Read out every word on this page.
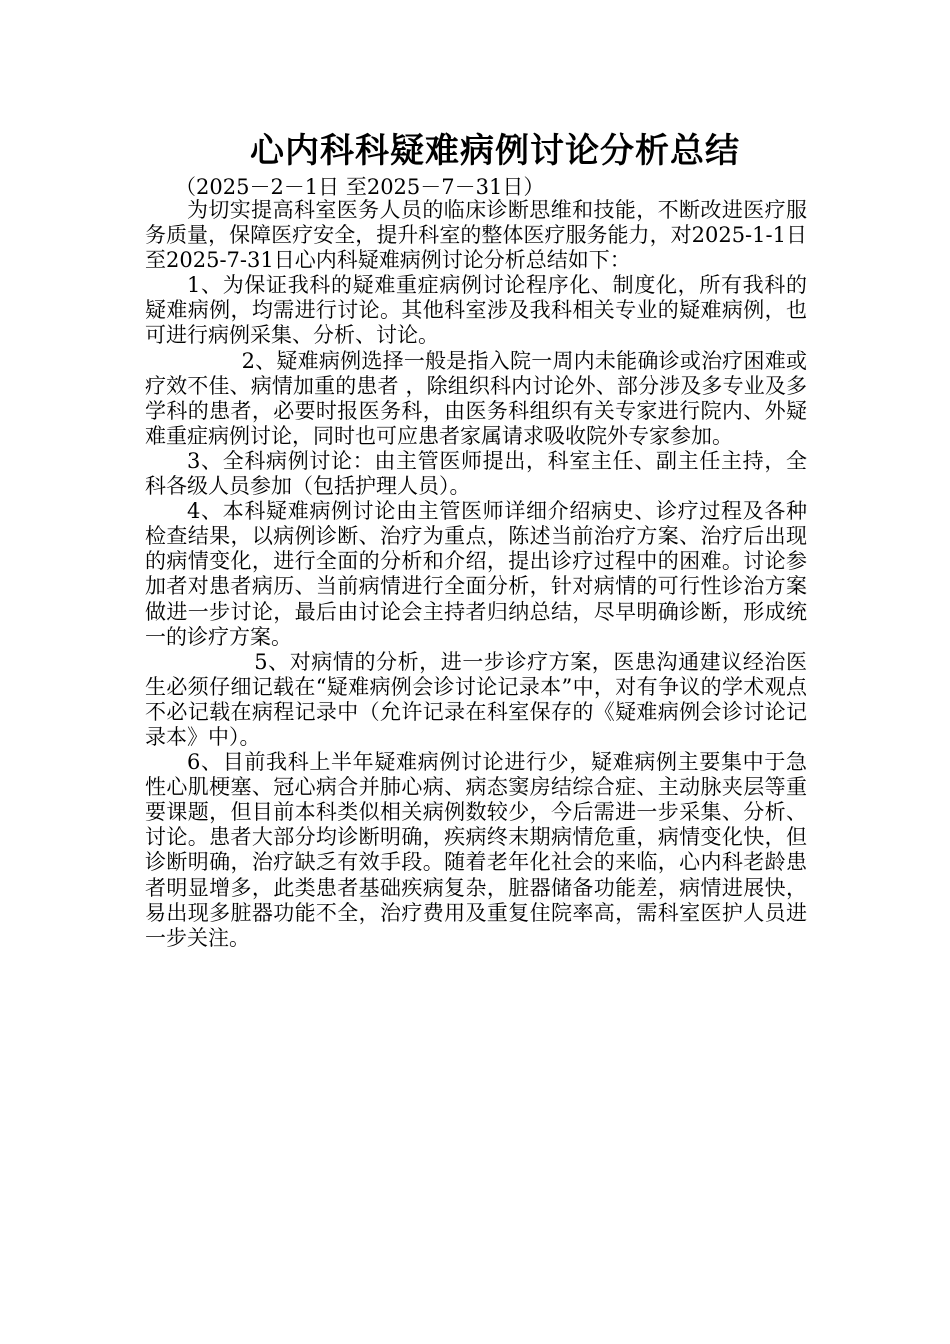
心内科科疑难病例讨论分析总结
（2025－2－1日 至2025－7－31日）

为切实提高科室医务人员的临床诊断思维和技能，不断改进医疗服务质量，保障医疗安全，提升科室的整体医疗服务能力，对2025-1-1日 至2025-7-31日心内科疑难病例讨论分析总结如下：

1、为保证我科的疑难重症病例讨论程序化、制度化，所有我科的疑难病例，均需进行讨论。其他科室涉及我科相关专业的疑难病例，也可进行病例采集、分析、讨论。

2、疑难病例选择一般是指入院一周内未能确诊或治疗困难或疗效不佳、病情加重的患者 ，除组织科内讨论外、部分涉及多专业及多学科的患者，必要时报医务科，由医务科组织有关专家进行院内、外疑难重症病例讨论，同时也可应患者家属请求吸收院外专家参加。

3、全科病例讨论：由主管医师提出，科室主任、副主任主持，全科各级人员参加（包括护理人员）。

4、本科疑难病例讨论由主管医师详细介绍病史、诊疗过程及各种检查结果，以病例诊断、治疗为重点，陈述当前治疗方案、治疗后出现的病情变化，进行全面的分析和介绍，提出诊疗过程中的困难。讨论参加者对患者病历、当前病情进行全面分析，针对病情的可行性诊治方案做进一步讨论，最后由讨论会主持者归纳总结，尽早明确诊断，形成统一的诊疗方案。

5、对病情的分析，进一步诊疗方案，医患沟通建议经治医生必须仔细记载在“疑难病例会诊讨论记录本”中，对有争议的学术观点不必记载在病程记录中（允许记录在科室保存的《疑难病例会诊讨论记录本》中）。

6、目前我科上半年疑难病例讨论进行少，疑难病例主要集中于急性心肌梗塞、冠心病合并肺心病、病态窦房结综合症、主动脉夹层等重要课题，但目前本科类似相关病例数较少，今后需进一步采集、分析、讨论。患者大部分均诊断明确，疾病终末期病情危重，病情变化快，但诊断明确，治疗缺乏有效手段。随着老年化社会的来临，心内科老龄患者明显增多，此类患者基础疾病复杂，脏器储备功能差，病情进展快，易出现多脏器功能不全，治疗费用及重复住院率高，需科室医护人员进一步关注。
